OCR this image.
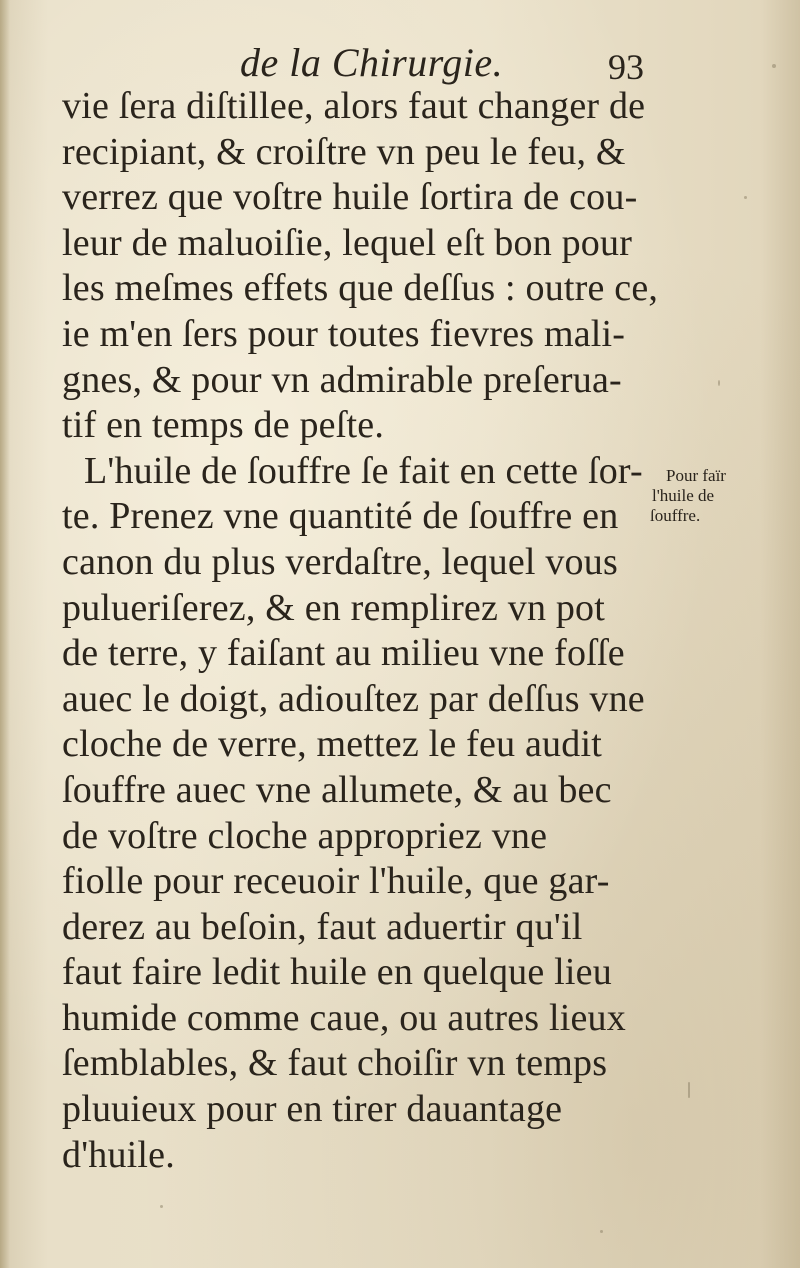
de la Chirurgie.	93
vie ſera diſtillee, alors faut changer de
recipiant, & croiſtre vn peu le feu, &
verrez que voſtre huile ſortira de cou-
leur de maluoiſie, lequel eſt bon pour
les meſmes effets que deſſus : outre ce,
ie m'en ſers pour toutes fievres mali-
gnes, & pour vn admirable preſerua-
tif en temps de peſte.
L'huile de ſouffre ſe fait en cette ſor-
te. Prenez vne quantité de ſouffre en
canon du plus verdaſtre, lequel vous
pulueriſerez, & en remplirez vn pot
de terre, y faiſant au milieu vne foſſe
auec le doigt, adiouſtez par deſſus vne
cloche de verre, mettez le feu audit
ſouffre auec vne allumete, & au bec
de voſtre cloche appropriez vne
fiolle pour receuoir l'huile, que gar-
derez au beſoin, faut aduertir qu'il
faut faire ledit huile en quelque lieu
humide comme caue, ou autres lieux
ſemblables, & faut choiſir vn temps
pluuieux pour en tirer dauantage
d'huile.
Pour faïr
l'huile de
ſouffre.
